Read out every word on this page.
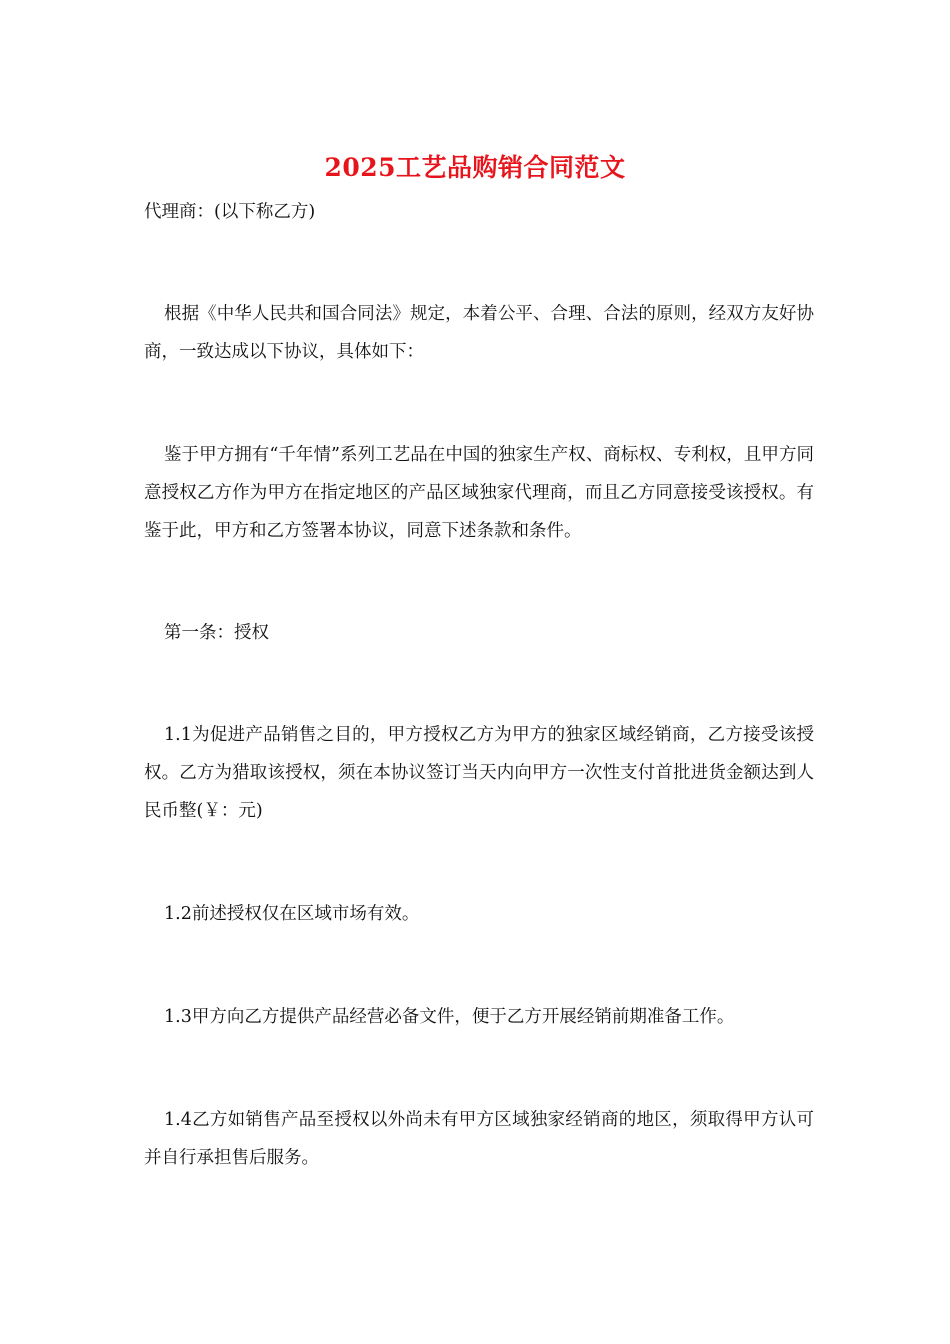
2025工艺品购销合同范文

代理商：(以下称乙方)

根据《中华人民共和国合同法》规定，本着公平、合理、合法的原则，经双方友好协商，一致达成以下协议，具体如下：

鉴于甲方拥有“千年情”系列工艺品在中国的独家生产权、商标权、专利权，且甲方同意授权乙方作为甲方在指定地区的产品区域独家代理商，而且乙方同意接受该授权。有鉴于此，甲方和乙方签署本协议，同意下述条款和条件。

第一条：授权

1.1为促进产品销售之目的，甲方授权乙方为甲方的独家区域经销商，乙方接受该授权。乙方为猎取该授权，须在本协议签订当天内向甲方一次性支付首批进货金额达到人民币整(￥：元)

1.2前述授权仅在区域市场有效。

1.3甲方向乙方提供产品经营必备文件，便于乙方开展经销前期准备工作。

1.4乙方如销售产品至授权以外尚未有甲方区域独家经销商的地区，须取得甲方认可并自行承担售后服务。
